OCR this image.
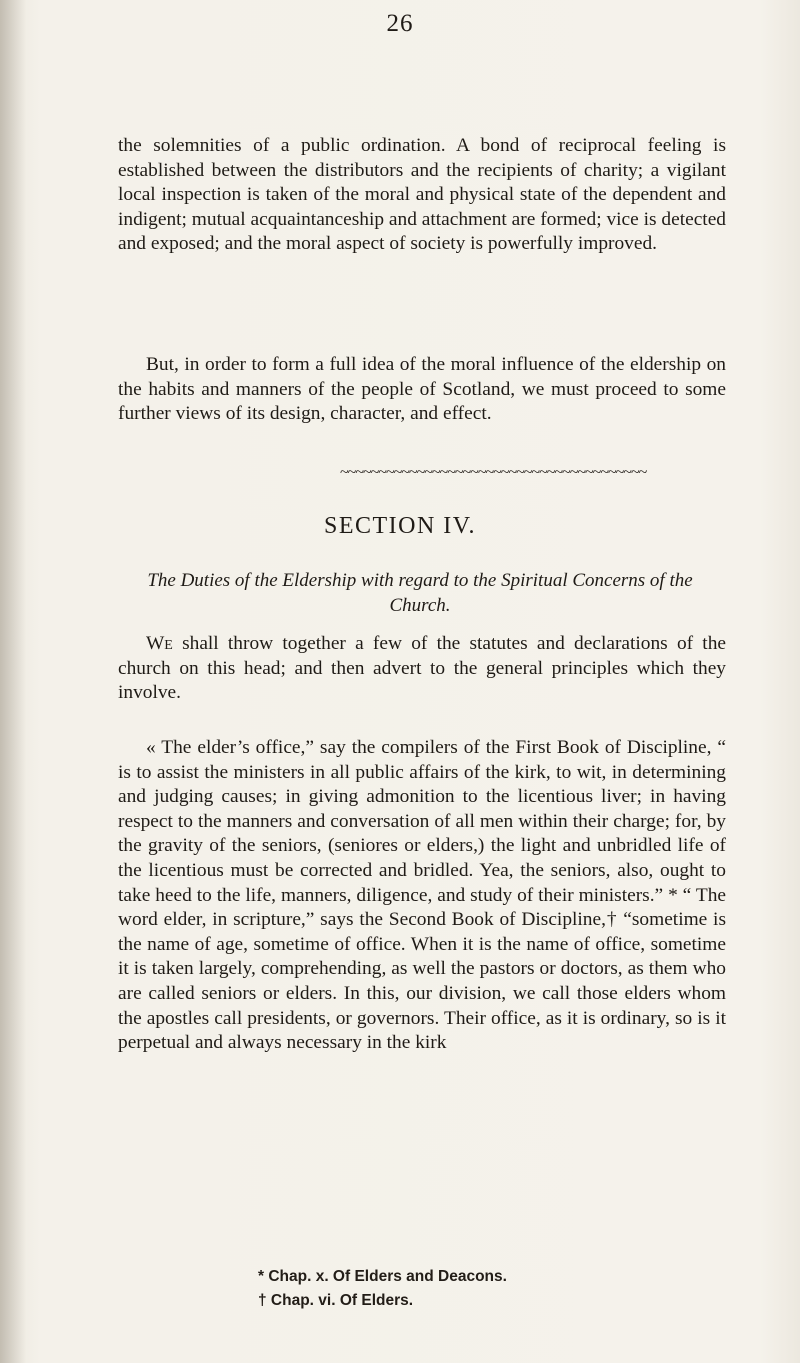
26

the solemnities of a public ordination. A bond of reciprocal feeling is established between the distributors and the recipients of charity; a vigilant local inspection is taken of the moral and physical state of the dependent and indigent; mutual acquaintanceship and attachment are formed; vice is detected and exposed; and the moral aspect of society is powerfully improved.

But, in order to form a full idea of the moral influence of the eldership on the habits and manners of the people of Scotland, we must proceed to some further views of its design, character, and effect.

~~~~~~~~~~~~~~~~~~~~~~~~~~~~~~~~~~~~~~~~
SECTION IV.
The Duties of the Eldership with regard to the Spiritual Concerns of the Church.

We shall throw together a few of the statutes and declarations of the church on this head; and then advert to the general principles which they involve.

« The elder’s office,” say the compilers of the First Book of Discipline, “ is to assist the ministers in all public affairs of the kirk, to wit, in determining and judging causes; in giving admonition to the licentious liver; in having respect to the manners and conversation of all men within their charge; for, by the gravity of the seniors, (seniores or elders,) the light and unbridled life of the licentious must be corrected and bridled. Yea, the seniors, also, ought to take heed to the life, manners, diligence, and study of their ministers.” * “ The word elder, in scripture,” says the Second Book of Discipline,† “sometime is the name of age, sometime of office. When it is the name of office, sometime it is taken largely, comprehending, as well the pastors or doctors, as them who are called seniors or elders. In this, our division, we call those elders whom the apostles call presidents, or governors. Their office, as it is ordinary, so is it perpetual and always necessary in the kirk

* Chap. x. Of Elders and Deacons.

† Chap. vi. Of Elders.
